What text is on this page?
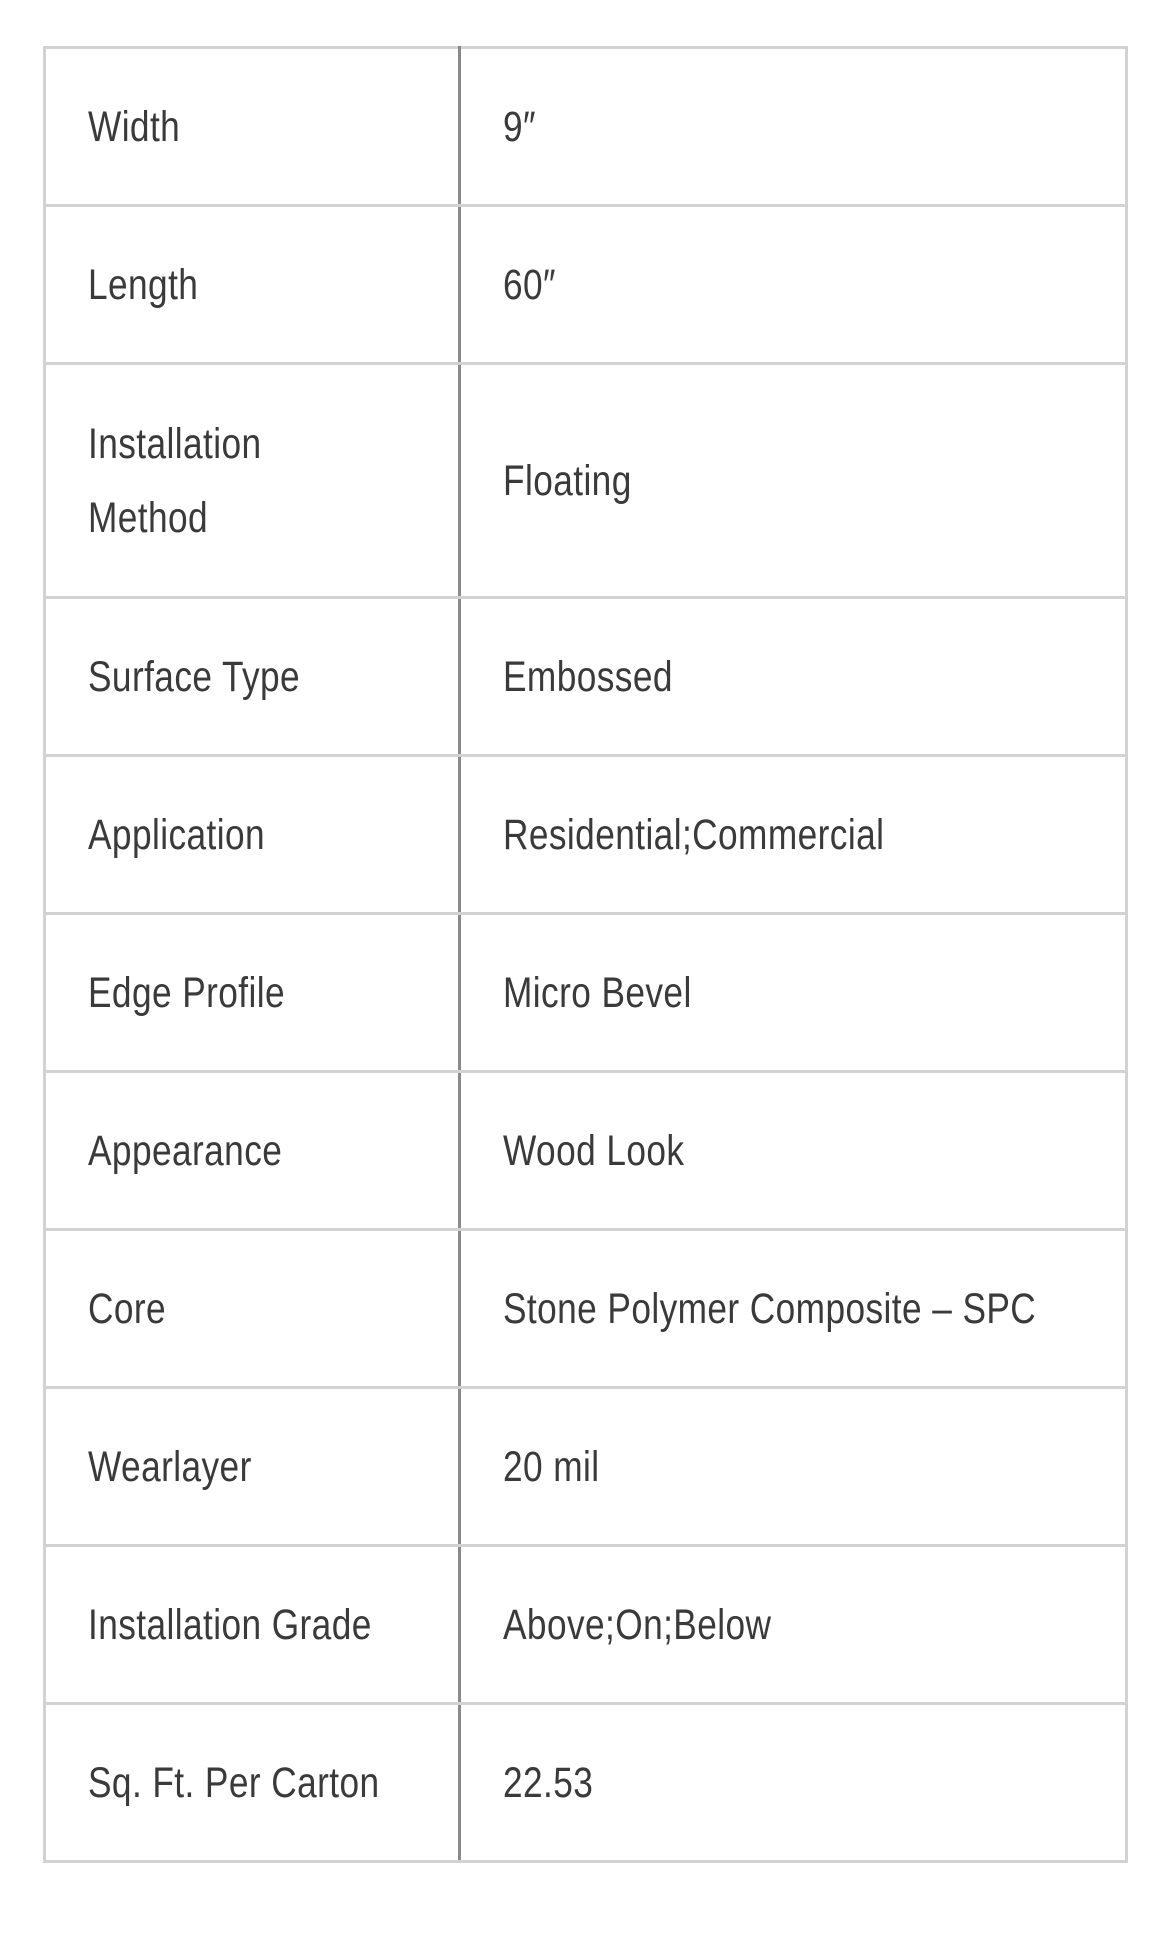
Width	9″
Length	60″
Installation Method	Floating
Surface Type	Embossed
Application	Residential;Commercial
Edge Profile	Micro Bevel
Appearance	Wood Look
Core	Stone Polymer Composite – SPC
Wearlayer	20 mil
Installation Grade	Above;On;Below
Sq. Ft. Per Carton	22.53
